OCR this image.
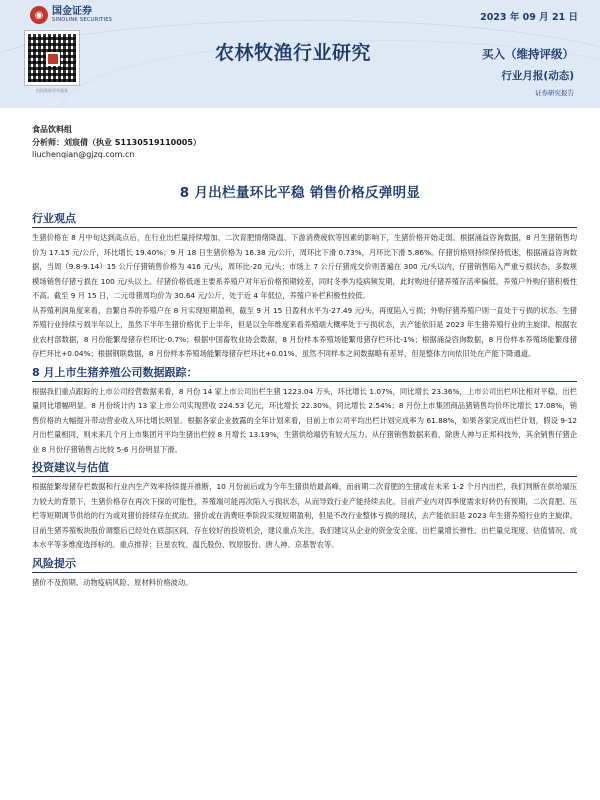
◉ 国金证券
SINOLINK SECURITIES	2023 年 09 月 21 日
扫码获取更多服务
农林牧渔行业研究	买入（维持评级）
行业月报(动态)
证券研究报告
食品饮料组
分析师：刘宸倩（执业 S1130519110005）
liuchenqian@gjzq.com.cn
8 月出栏量环比平稳 销售价格反弹明显
行业观点

生猪价格在 8 月中旬达到高点后，在行业出栏量持续增加、二次育肥情绪降温、下游消费疲软等因素的影响下，生猪价格开始走弱。根据涌益咨询数据，8 月生猪销售均价为 17.15 元/公斤，环比增长 19.40%；9 月 18 日生猪价格为 16.38 元/公斤，周环比下滑 0.73%，月环比下滑 5.86%。仔猪价格则持续保持低迷，根据涌益咨询数据，当周（9.8-9.14）15 公斤仔猪销售价格为 416 元/头，周环比-20 元/头；市场上 7 公斤仔猪成交价则普遍在 300 元/头以内，仔猪销售陷入严重亏损状态，多数规模场销售仔猪亏损在 100 元/头以上。仔猪价格低迷主要系养殖户对年后价格预期较差，同时冬季为疫病频发期，此时购进仔猪养殖存活率偏低，养殖户外购仔猪积极性不高。截至 9 月 15 日，二元母猪周均价为 30.64 元/公斤，处于近 4 年低位，养殖户补栏积极性较低。

从养殖利润角度来看，自繁自养的养殖户在 8 月实现短期盈利，截至 9 月 15 日盈利水平为-27.49 元/头，再度陷入亏损；外购仔猪养殖户则一直处于亏损的状态。生猪养殖行业持续亏损半年以上，虽然下半年生猪价格优于上半年，但是以全年维度来看养殖端大概率处于亏损状态，去产能依旧是 2023 年生猪养殖行业的主旋律。根据农业农村部数据，8 月份能繁母猪存栏环比-0.7%；根据中国畜牧业协会数据，8 月份样本养殖场能繁母猪存栏环比-1%；根据涌益咨询数据，8 月份样本养殖场能繁母猪存栏环比+0.04%；根据钢联数据，8 月份样本养殖场能繁母猪存栏环比+0.01%。虽然不同样本之间数据略有差异，但是整体方向依旧处在产能下降通道。

8 月上市生猪养殖公司数据跟踪：

根据我们重点跟踪的上市公司经营数据来看，8 月份 14 家上市公司出栏生猪 1223.04 万头，环比增长 1.07%，同比增长 23.36%，上市公司出栏环比相对平稳，出栏量同比增幅明显。8 月份统计内 13 家上市公司实现营收 224.53 亿元，环比增长 22.30%，同比增长 2.54%；8 月份上市集团商品猪销售均价环比增长 17.08%，销售价格的大幅提升带动营业收入环比增长明显。根据各家企业披露的全年计划来看，目前上市公司平均出栏计划完成率为 61.88%，如果各家完成出栏计划，假设 9-12 月出栏量相同，则未来几个月上市集团月平均生猪出栏较 8 月增长 13.19%，生猪供给端仍有较大压力。从仔猪销售数据来看，除唐人神与正邦科技外，其余销售仔猪企业 8 月份仔猪销售占比较 5-6 月份明显下滑。

投资建议与估值

根据能繁母猪存栏数据和行业内生产效率持续提升推断，10 月份前后或为今年生猪供给最高峰，而前期二次育肥的生猪或在未来 1-2 个月内出栏，我们判断在供给端压力较大的背景下，生猪价格存在再次下探的可能性，养殖端可能再次陷入亏损状态，从而导致行业产能持续去化。目前产业内对四季度需求好转仍有预期，二次育肥、压栏等短期调节供给的行为或对猪价持续存在扰动。猪价或在消费旺季阶段实现短期盈利，但是不改行业整体亏损的现状，去产能依旧是 2023 年生猪养殖行业的主旋律。目前生猪养殖板块股价调整后已经处在底部区间，存在较好的投资机会，建议重点关注，我们建议从企业的资金安全度、出栏量增长弹性、出栏量兑现度、估值情况、成本水平等多维度选择标的。重点推荐：巨星农牧、温氏股份、牧原股份、唐人神、京基智农等。

风险提示

猪价不及预期、动物疫病风险、原材料价格波动。
